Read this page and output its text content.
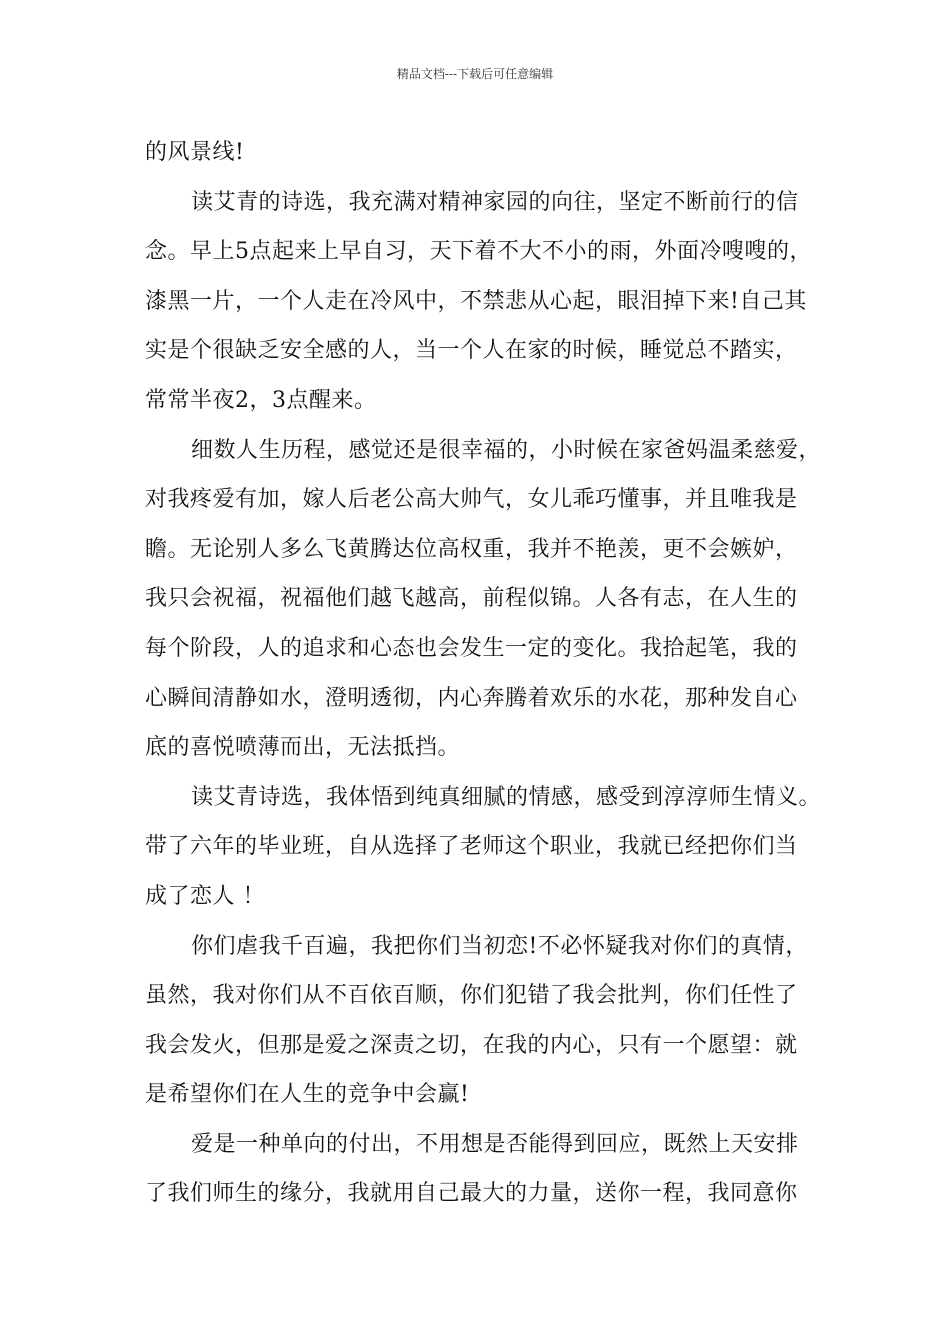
精品文档---下载后可任意编辑
的风景线!
读艾青的诗选，我充满对精神家园的向往，坚定不断前行的信
念。早上5点起来上早自习，天下着不大不小的雨，外面冷嗖嗖的，
漆黑一片，一个人走在冷风中，不禁悲从心起，眼泪掉下来!自己其
实是个很缺乏安全感的人，当一个人在家的时候，睡觉总不踏实，
常常半夜2，3点醒来。
细数人生历程，感觉还是很幸福的，小时候在家爸妈温柔慈爱，
对我疼爱有加，嫁人后老公高大帅气，女儿乖巧懂事，并且唯我是
瞻。无论别人多么飞黄腾达位高权重，我并不艳羡，更不会嫉妒，
我只会祝福，祝福他们越飞越高，前程似锦。人各有志，在人生的
每个阶段，人的追求和心态也会发生一定的变化。我拾起笔，我的
心瞬间清静如水，澄明透彻，内心奔腾着欢乐的水花，那种发自心
底的喜悦喷薄而出，无法抵挡。
读艾青诗选，我体悟到纯真细腻的情感，感受到淳淳师生情义。
带了六年的毕业班，自从选择了老师这个职业，我就已经把你们当
成了恋人 ！
你们虐我千百遍，我把你们当初恋!不必怀疑我对你们的真情，
虽然，我对你们从不百依百顺，你们犯错了我会批判，你们任性了
我会发火，但那是爱之深责之切，在我的内心，只有一个愿望：就
是希望你们在人生的竞争中会赢!
爱是一种单向的付出，不用想是否能得到回应，既然上天安排
了我们师生的缘分，我就用自己最大的力量，送你一程，我同意你
